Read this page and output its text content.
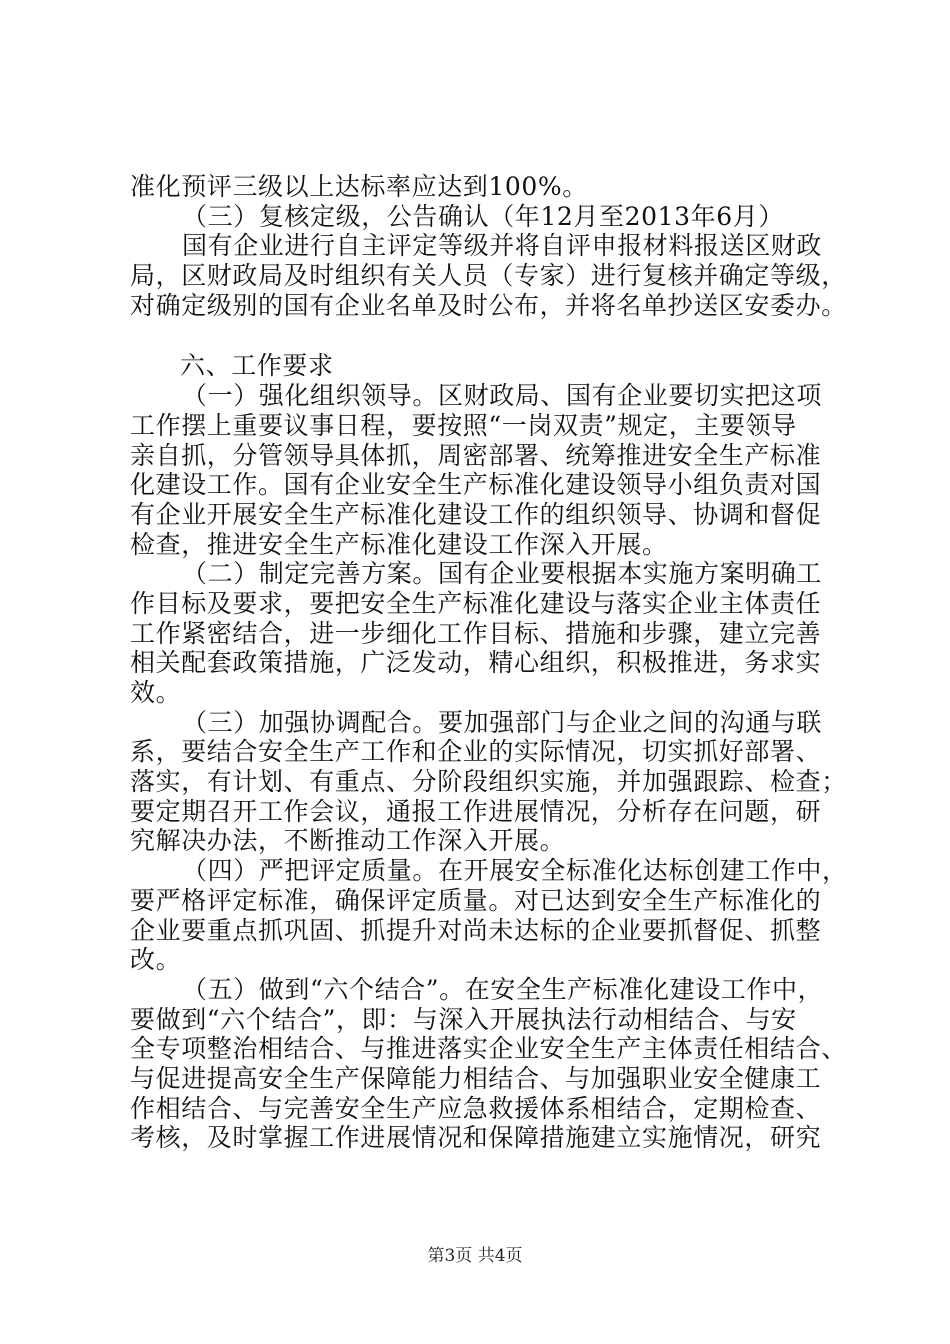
准化预评三级以上达标率应达到100%。
（三）复核定级，公告确认（年12月至2013年6月）
国有企业进行自主评定等级并将自评申报材料报送区财政
局，区财政局及时组织有关人员（专家）进行复核并确定等级，
对确定级别的国有企业名单及时公布，并将名单抄送区安委办。
六、工作要求
（一）强化组织领导。区财政局、国有企业要切实把这项
工作摆上重要议事日程，要按照“一岗双责”规定，主要领导
亲自抓，分管领导具体抓，周密部署、统筹推进安全生产标准
化建设工作。国有企业安全生产标准化建设领导小组负责对国
有企业开展安全生产标准化建设工作的组织领导、协调和督促
检查，推进安全生产标准化建设工作深入开展。
（二）制定完善方案。国有企业要根据本实施方案明确工
作目标及要求，要把安全生产标准化建设与落实企业主体责任
工作紧密结合，进一步细化工作目标、措施和步骤，建立完善
相关配套政策措施，广泛发动，精心组织，积极推进，务求实
效。
（三）加强协调配合。要加强部门与企业之间的沟通与联
系，要结合安全生产工作和企业的实际情况，切实抓好部署、
落实，有计划、有重点、分阶段组织实施，并加强跟踪、检查；
要定期召开工作会议，通报工作进展情况，分析存在问题，研
究解决办法，不断推动工作深入开展。
（四）严把评定质量。在开展安全标准化达标创建工作中，
要严格评定标准，确保评定质量。对已达到安全生产标准化的
企业要重点抓巩固、抓提升对尚未达标的企业要抓督促、抓整
改。
（五）做到“六个结合”。在安全生产标准化建设工作中，
要做到“六个结合”，即：与深入开展执法行动相结合、与安
全专项整治相结合、与推进落实企业安全生产主体责任相结合、
与促进提高安全生产保障能力相结合、与加强职业安全健康工
作相结合、与完善安全生产应急救援体系相结合，定期检查、
考核，及时掌握工作进展情况和保障措施建立实施情况，研究
第3页 共4页
